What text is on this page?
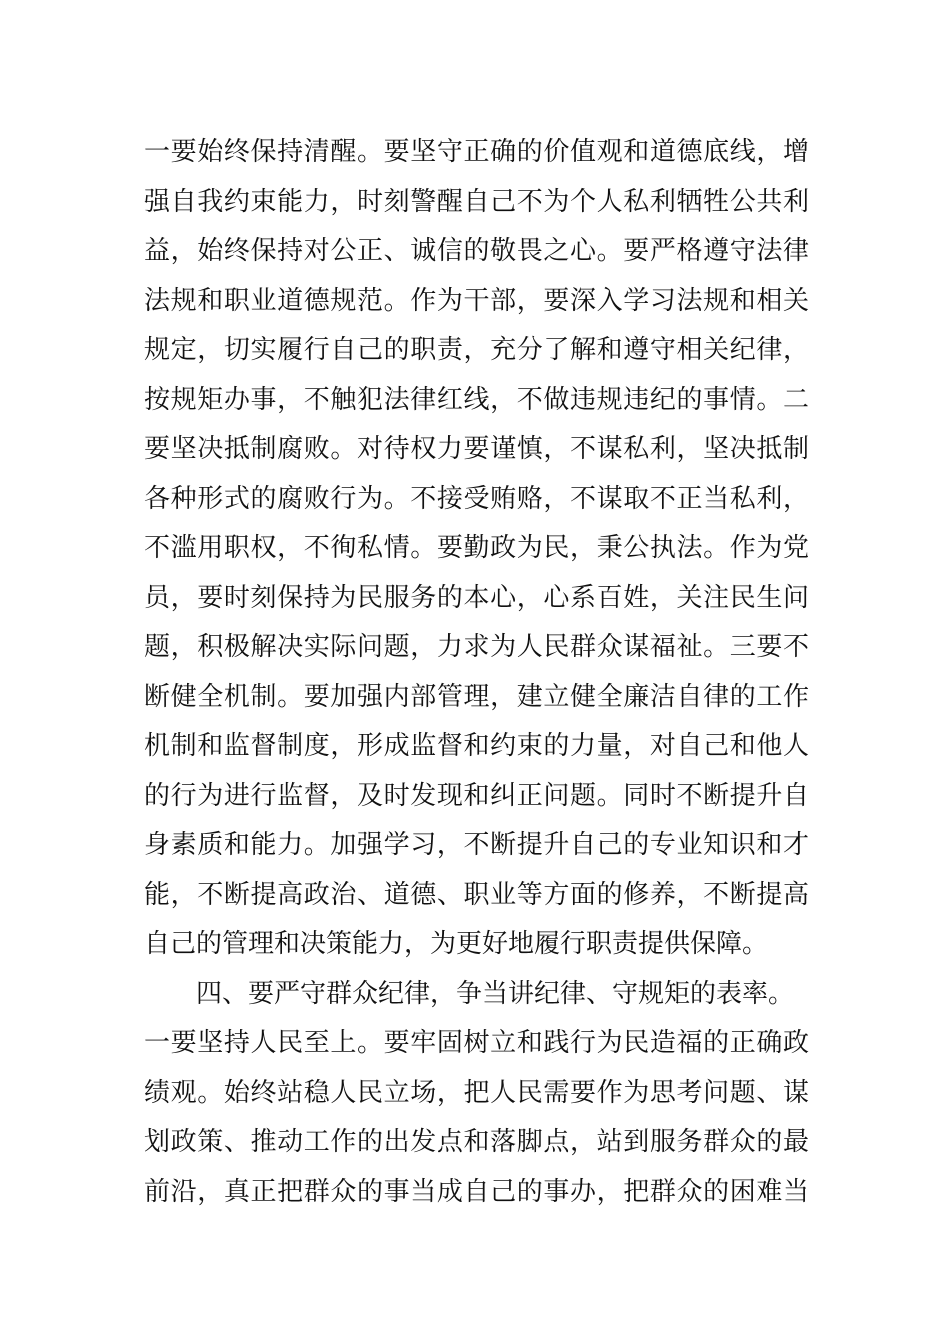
一要始终保持清醒。要坚守正确的价值观和道德底线，增
强自我约束能力，时刻警醒自己不为个人私利牺牲公共利
益，始终保持对公正、诚信的敬畏之心。要严格遵守法律
法规和职业道德规范。作为干部，要深入学习法规和相关
规定，切实履行自己的职责，充分了解和遵守相关纪律，
按规矩办事，不触犯法律红线，不做违规违纪的事情。二
要坚决抵制腐败。对待权力要谨慎，不谋私利，坚决抵制
各种形式的腐败行为。不接受贿赂，不谋取不正当私利，
不滥用职权，不徇私情。要勤政为民，秉公执法。作为党
员，要时刻保持为民服务的本心，心系百姓，关注民生问
题，积极解决实际问题，力求为人民群众谋福祉。三要不
断健全机制。要加强内部管理，建立健全廉洁自律的工作
机制和监督制度，形成监督和约束的力量，对自己和他人
的行为进行监督，及时发现和纠正问题。同时不断提升自
身素质和能力。加强学习，不断提升自己的专业知识和才
能，不断提高政治、道德、职业等方面的修养，不断提高
自己的管理和决策能力，为更好地履行职责提供保障。
四、要严守群众纪律，争当讲纪律、守规矩的表率。
一要坚持人民至上。要牢固树立和践行为民造福的正确政
绩观。始终站稳人民立场，把人民需要作为思考问题、谋
划政策、推动工作的出发点和落脚点，站到服务群众的最
前沿，真正把群众的事当成自己的事办，把群众的困难当
